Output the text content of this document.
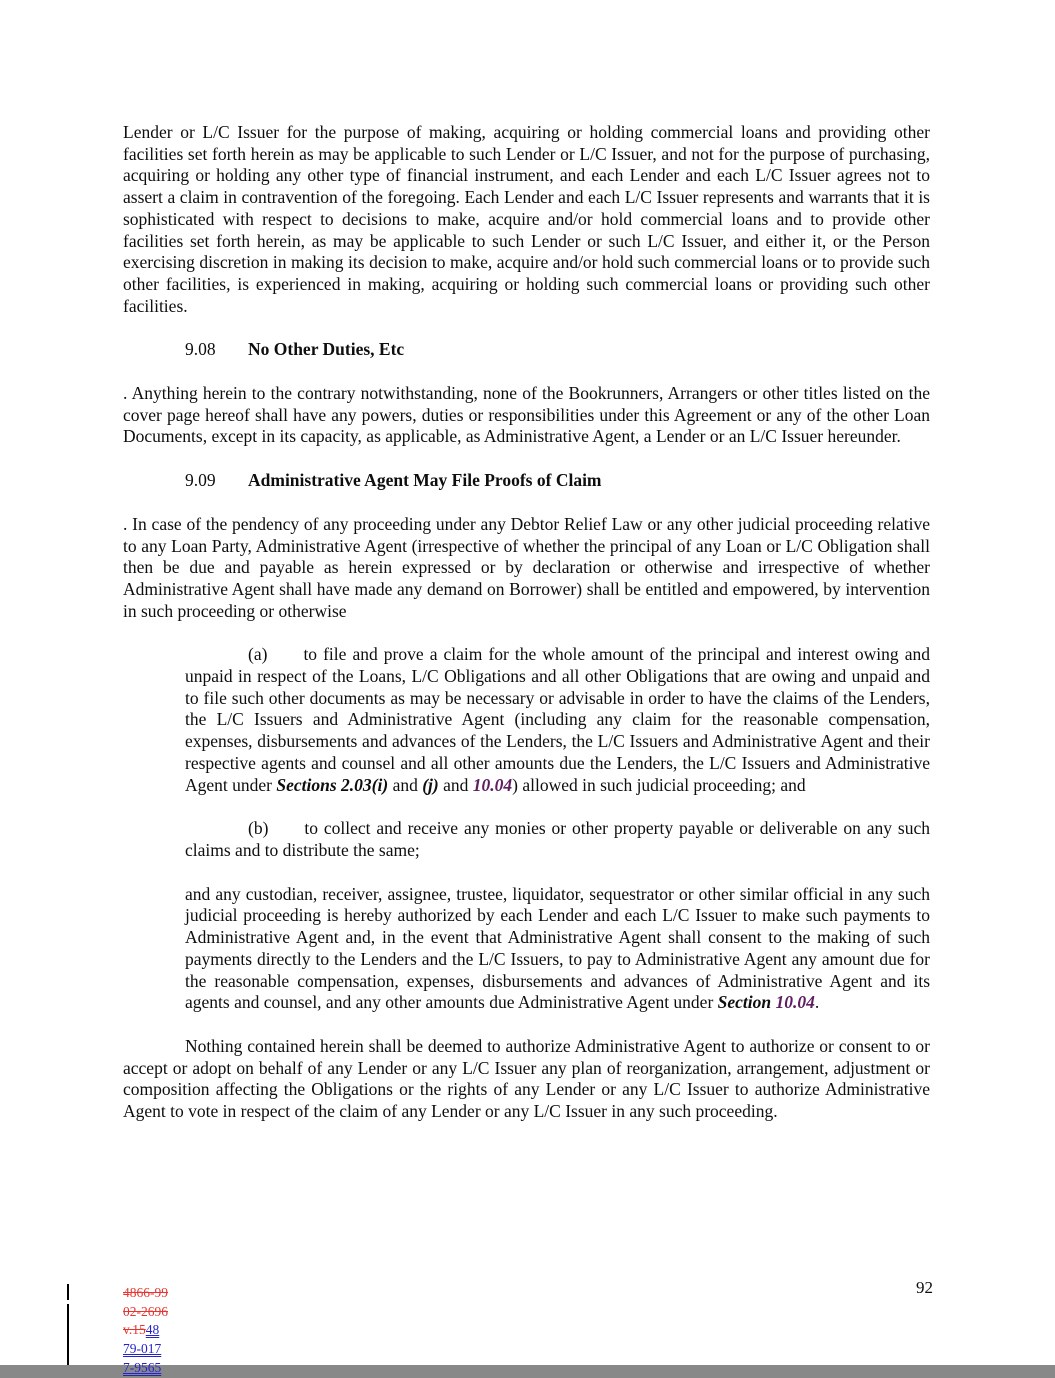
Lender or L/C Issuer for the purpose of making, acquiring or holding commercial loans and providing other facilities set forth herein as may be applicable to such Lender or L/C Issuer, and not for the purpose of purchasing, acquiring or holding any other type of financial instrument, and each Lender and each L/C Issuer agrees not to assert a claim in contravention of the foregoing. Each Lender and each L/C Issuer represents and warrants that it is sophisticated with respect to decisions to make, acquire and/or hold commercial loans and to provide other facilities set forth herein, as may be applicable to such Lender or such L/C Issuer, and either it, or the Person exercising discretion in making its decision to make, acquire and/or hold such commercial loans or to provide such other facilities, is experienced in making, acquiring or holding such commercial loans or providing such other facilities.

9.08 No Other Duties, Etc

. Anything herein to the contrary notwithstanding, none of the Bookrunners, Arrangers or other titles listed on the cover page hereof shall have any powers, duties or responsibilities under this Agreement or any of the other Loan Documents, except in its capacity, as applicable, as Administrative Agent, a Lender or an L/C Issuer hereunder.

9.09 Administrative Agent May File Proofs of Claim

. In case of the pendency of any proceeding under any Debtor Relief Law or any other judicial proceeding relative to any Loan Party, Administrative Agent (irrespective of whether the principal of any Loan or L/C Obligation shall then be due and payable as herein expressed or by declaration or otherwise and irrespective of whether Administrative Agent shall have made any demand on Borrower) shall be entitled and empowered, by intervention in such proceeding or otherwise

(a) to file and prove a claim for the whole amount of the principal and interest owing and unpaid in respect of the Loans, L/C Obligations and all other Obligations that are owing and unpaid and to file such other documents as may be necessary or advisable in order to have the claims of the Lenders, the L/C Issuers and Administrative Agent (including any claim for the reasonable compensation, expenses, disbursements and advances of the Lenders, the L/C Issuers and Administrative Agent and their respective agents and counsel and all other amounts due the Lenders, the L/C Issuers and Administrative Agent under Sections 2.03(i) and (j) and 10.04) allowed in such judicial proceeding; and
(b) to collect and receive any monies or other property payable or deliverable on any such claims and to distribute the same;
and any custodian, receiver, assignee, trustee, liquidator, sequestrator or other similar official in any such judicial proceeding is hereby authorized by each Lender and each L/C Issuer to make such payments to Administrative Agent and, in the event that Administrative Agent shall consent to the making of such payments directly to the Lenders and the L/C Issuers, to pay to Administrative Agent any amount due for the reasonable compensation, expenses, disbursements and advances of Administrative Agent and its agents and counsel, and any other amounts due Administrative Agent under Section 10.04.

Nothing contained herein shall be deemed to authorize Administrative Agent to authorize or consent to or accept or adopt on behalf of any Lender or any L/C Issuer any plan of reorganization, arrangement, adjustment or composition affecting the Obligations or the rights of any Lender or any L/C Issuer to authorize Administrative Agent to vote in respect of the claim of any Lender or any L/C Issuer in any such proceeding.

4866-99
02-2696
v.1548
79-017
7-9565
92
